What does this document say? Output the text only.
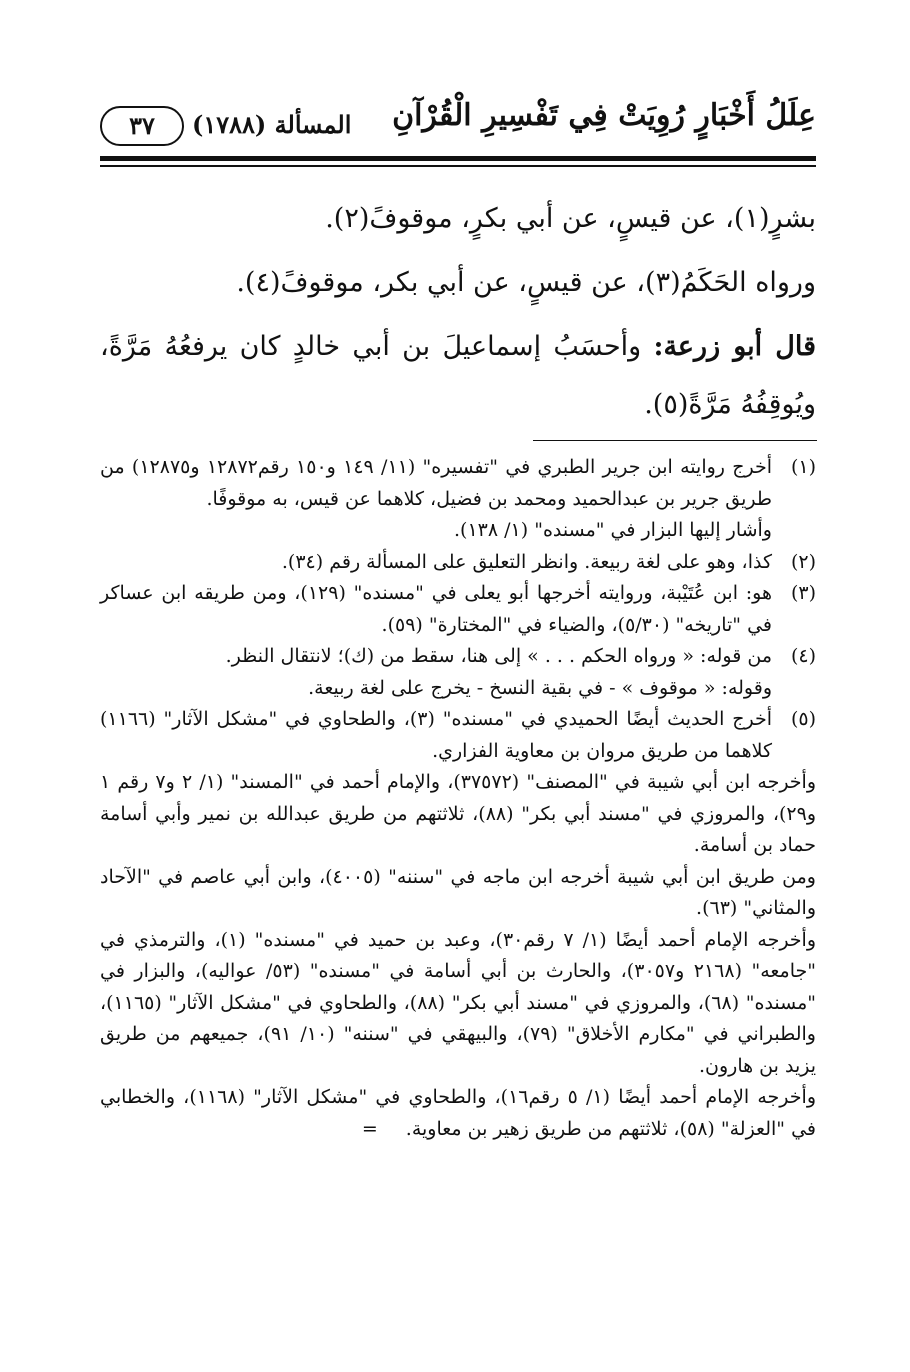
عِلَلُ أَخْبَارٍ رُوِيَتْ فِي تَفْسِيرِ الْقُرْآنِ
المسألة (١٧٨٨)
٣٧

بشرٍ(١)، عن قيسٍ، عن أبي بكرٍ، موقوفً(٢).

ورواه الحَكَمُ(٣)، عن قيسٍ، عن أبي بكر، موقوفً(٤).

قال أبو زرعة: وأحسَبُ إسماعيلَ بن أبي خالدٍ كان يرفعُهُ مَرَّةً، ويُوقِفُهُ مَرَّةً(٥).

(١)

أخرج روايته ابن جرير الطبري في "تفسيره" (١١/ ١٤٩ و١٥٠ رقم١٢٨٧٢ و١٢٨٧٥) من طريق جرير بن عبدالحميد ومحمد بن فضيل، كلاهما عن قيس، به موقوفًا.

وأشار إليها البزار في "مسنده" (١/ ١٣٨).

(٢)

كذا، وهو على لغة ربيعة. وانظر التعليق على المسألة رقم (٣٤).

(٣)

هو: ابن عُتَيْبة، وروايته أخرجها أبو يعلى في "مسنده" (١٢٩)، ومن طريقه ابن عساكر في "تاريخه" (٥/٣٠)، والضياء في "المختارة" (٥٩).

(٤)

من قوله: « ورواه الحكم . . . » إلى هنا، سقط من (ك)؛ لانتقال النظر.

وقوله: « موقوف » - في بقية النسخ - يخرج على لغة ربيعة.

(٥)

أخرج الحديث أيضًا الحميدي في "مسنده" (٣)، والطحاوي في "مشكل الآثار" (١١٦٦) كلاهما من طريق مروان بن معاوية الفزاري.

وأخرجه ابن أبي شيبة في "المصنف" (٣٧٥٧٢)، والإمام أحمد في "المسند" (١/ ٢ و٧ رقم ١ و٢٩)، والمروزي في "مسند أبي بكر" (٨٨)، ثلاثتهم من طريق عبدالله بن نمير وأبي أسامة حماد بن أسامة.

ومن طريق ابن أبي شيبة أخرجه ابن ماجه في "سننه" (٤٠٠٥)، وابن أبي عاصم في "الآحاد والمثاني" (٦٣).

وأخرجه الإمام أحمد أيضًا (١/ ٧ رقم٣٠)، وعبد بن حميد في "مسنده" (١)، والترمذي في "جامعه" (٢١٦٨ و٣٠٥٧)، والحارث بن أبي أسامة في "مسنده" (٥٣/ عواليه)، والبزار في "مسنده" (٦٨)، والمروزي في "مسند أبي بكر" (٨٨)، والطحاوي في "مشكل الآثار" (١١٦٥)، والطبراني في "مكارم الأخلاق" (٧٩)، والبيهقي في "سننه" (١٠/ ٩١)، جميعهم من طريق يزيد بن هارون.

وأخرجه الإمام أحمد أيضًا (١/ ٥ رقم١٦)، والطحاوي في "مشكل الآثار" (١١٦٨)، والخطابي في "العزلة" (٥٨)، ثلاثتهم من طريق زهير بن معاوية.=
